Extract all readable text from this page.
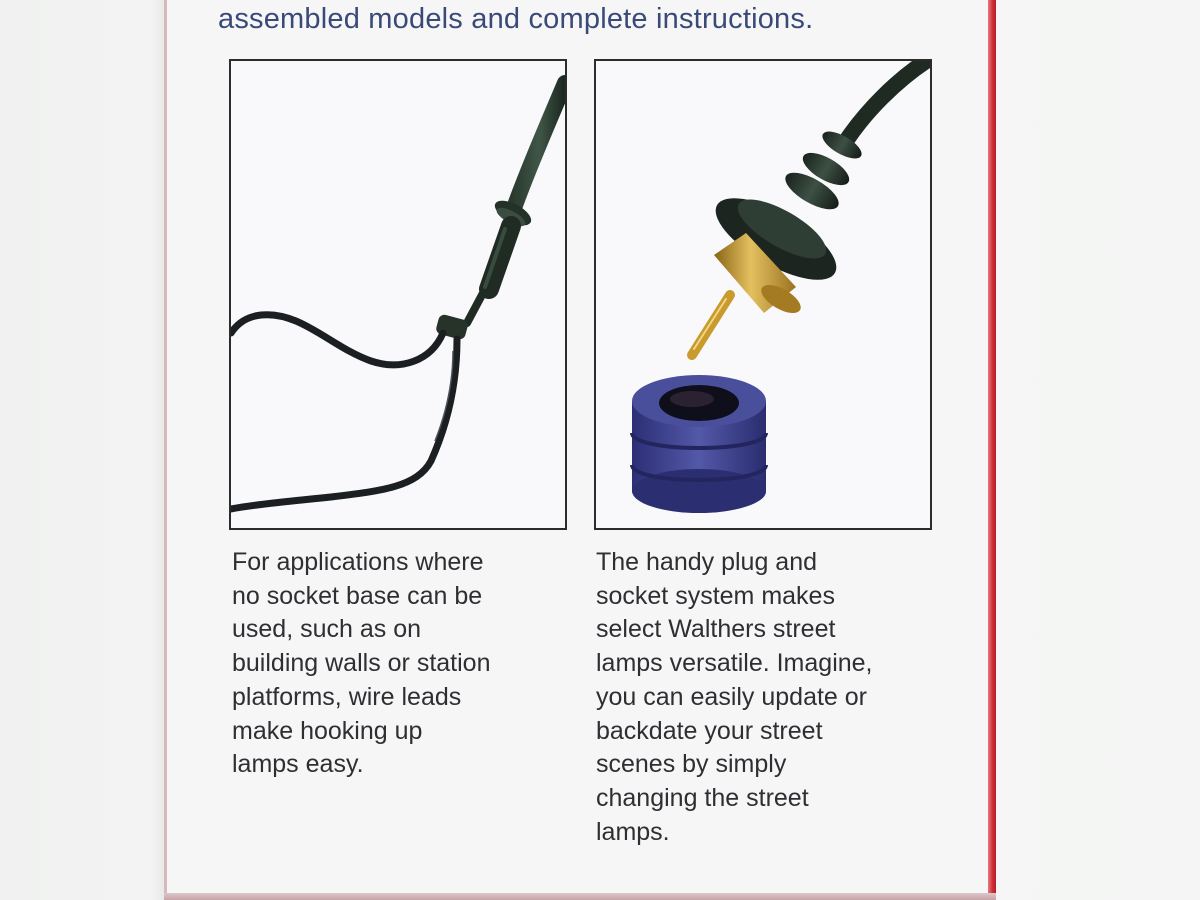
assembled models and complete instructions.
For applications where
no socket base can be
used, such as on
building walls or station
platforms, wire leads
make hooking up
lamps easy.
The handy plug and
socket system makes
select Walthers street
lamps versatile. Imagine,
you can easily update or
backdate your street
scenes by simply
changing the street
lamps.
